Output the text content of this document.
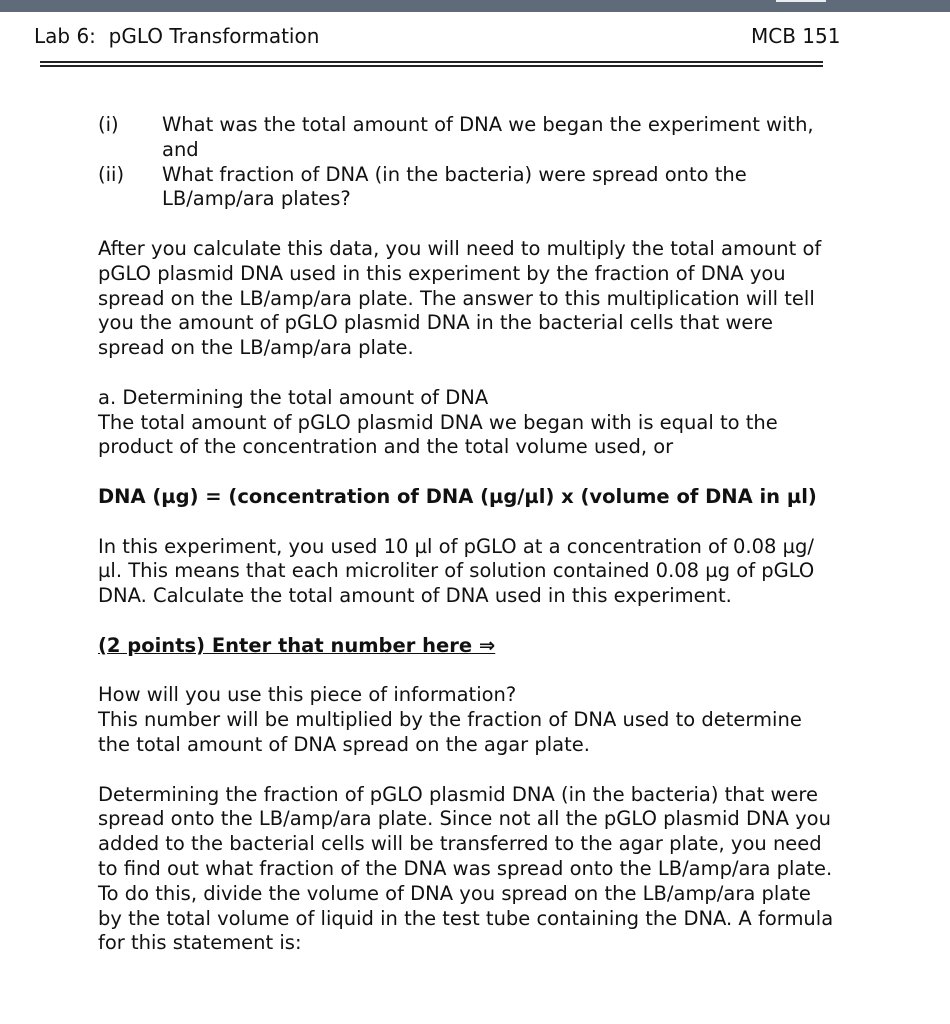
Lab 6:  pGLO Transformation	MCB 151
(i)	What was the total amount of DNA we began the experiment with, and
(ii)	What fraction of DNA (in the bacteria) were spread onto the LB/amp/ara plates?

After you calculate this data, you will need to multiply the total amount of pGLO plasmid DNA used in this experiment by the fraction of DNA you spread on the LB/amp/ara plate. The answer to this multiplication will tell you the amount of pGLO plasmid DNA in the bacterial cells that were spread on the LB/amp/ara plate.

a. Determining the total amount of DNA

The total amount of pGLO plasmid DNA we began with is equal to the product of the concentration and the total volume used, or

DNA (µg) = (concentration of DNA (µg/µl) x (volume of DNA in µl)

In this experiment, you used 10 µl of pGLO at a concentration of 0.08 µg/µl. This means that each microliter of solution contained 0.08 µg of pGLO DNA. Calculate the total amount of DNA used in this experiment.

(2 points) Enter that number here ⇒

How will you use this piece of information?

This number will be multiplied by the fraction of DNA used to determine the total amount of DNA spread on the agar plate.

Determining the fraction of pGLO plasmid DNA (in the bacteria) that were spread onto the LB/amp/ara plate. Since not all the pGLO plasmid DNA you added to the bacterial cells will be transferred to the agar plate, you need to find out what fraction of the DNA was spread onto the LB/amp/ara plate. To do this, divide the volume of DNA you spread on the LB/amp/ara plate by the total volume of liquid in the test tube containing the DNA. A formula for this statement is:
